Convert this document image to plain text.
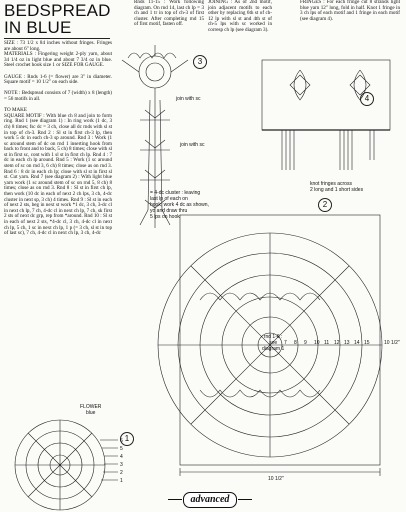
BEDSPREAD
IN BLUE
SIZE : 73 1/2 x 84 inches without fringes. Fringes are about 6" long.
MATERIALS : Fingering weight 2-ply yarn, about 34 1/4 oz in light blue and about 7 3/4 oz in blue. Steel crochet hook size 1 or SIZE FOR GAUGE.

GAUGE : Rnds 1-6 (= flower) are 3" in diameter. Square motif = 10 1/2" on each side.

NOTE : Bedspread consists of 7 (width) x 8 (length) = 56 motifs in all.

TO MAKE
SQUARE MOTIF : With blue ch 8 and join to form ring. Rnd 1 (see diagram 1) : In ring work (1 dc, 3 ch) 8 times; fsc dc = 3 ch, close all dc rnds with sl st in top of ch-3. Rnd 2 : Sl st in first ch-3 lp, then work 5 dc in each ch-3 sp around. Rnd 3 : Work (1 sc around stem of dc on rnd 1 inserting hook from back to front and to back, 5 ch) 8 times; close with sl st in first sc, cont with 1 sl st in first ch lp. Rnd 4 : 7 dc in each ch lp around. Rnd 5 : Work (1 sc around stem of sc on rnd 3, 6 ch) 8 times; close as on rnd 3. Rnd 6 : 8 dc in each ch lp; close with sl st in first sl st. Cut yarn. Rnd 7 (see diagram 2) : With light blue yarn work (1 sc around stem of sc on rnd 5, 8 ch) 8 times; close as on rnd 3. Rnd 8 : Sl st in first ch lp, then work (10 dc in each of next 2 ch lps, 3 ch, 4-dc cluster in next sp, 3 ch) 4 times. Rnd 9 : Sl st in each of next 2 sts, beg in next st work *1 dc, 3 ch, 3-dc cl in next ch lp, 7 ch, 4-dc cl in next ch lp, 7 ch, sk first 2 sts of next dc grp, rep from *around. Rnd 10 : Sl st in each of next 2 sts, *4-dc cl, 3 ch, 4-dc cl in next ch lp, 5 ch, 1 sc in next ch lp, 1 p (= 3 ch, sl st in top of last sc), 7 ch, 4-dc cl in next ch lp, 3 ch, 4-dc
Rnds 11-15 : Work following diagram. On rnd 14, last ch lp = 3 ch and 1 tr in top of ch-3 of first cluster. After completing rnd 15 of first motif, fasten off.
JOINING : As of 2nd motif, join adjacent motifs to each other by replacing 6th st of ch-12 lp with sl st and 4th st of ch-5 lps with sc worked in corresp ch lp (see diagram 3).
FRINGES : For each fringe cut 8 strands light blue yarn 12" long, fold in half. Knot 1 fringe in 3 ch lps of each motif and 1 fringe in each motif (see diagram 4).
3
4
2
1
join with sc
join with sc
knot fringes across
2 long and 1 short sides
= 4-dc cluster : leaving
last lp of each on
hook, work 4 dc as shown,
yo and draw thru
5 lps on hook
rnd 1-6 :
see
diagram 1
FLOWER
blue
10 1/2"
10 1/2"
advanced
1
2
3
4
5
6
7 8 9 10 11 12 13 14 15
